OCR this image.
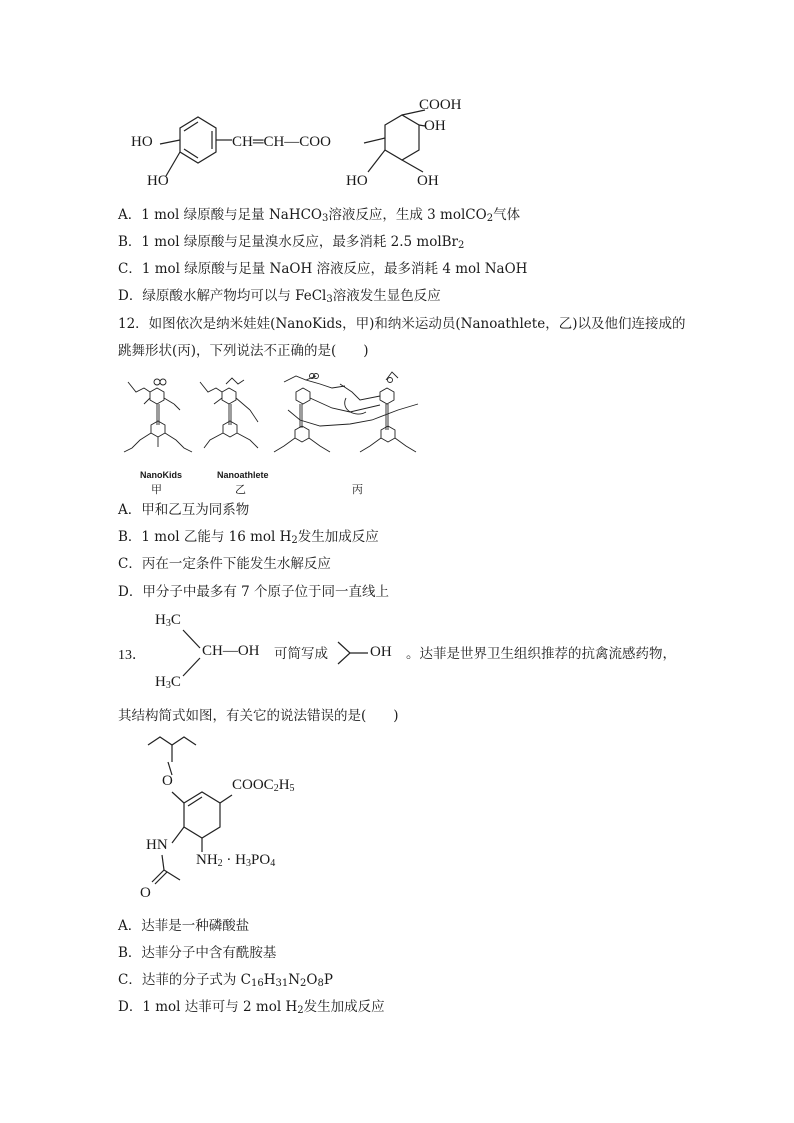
COOH
OH
HO	CH═CH—COO
HO	HO	OH
A．1 mol 绿原酸与足量 NaHCO$_3$溶液反应，生成 3 molCO$_2$气体
B．1 mol 绿原酸与足量溴水反应，最多消耗 2.5 molBr$_2$
C．1 mol 绿原酸与足量 NaOH 溶液反应，最多消耗 4 mol NaOH
D．绿原酸水解产物均可以与 FeCl$_3$溶液发生显色反应
12．如图依次是纳米娃娃(NanoKids，甲)和纳米运动员(Nanoathlete，乙)以及他们连接成的
跳舞形状(丙)，下列说法不正确的是(　　)
NanoKids	Nanoathlete
甲	乙	丙
A．甲和乙互为同系物
B．1 mol 乙能与 16 mol $H_2$发生加成反应
C．丙在一定条件下能发生水解反应
D．甲分子中最多有 7 个原子位于同一直线上
$H_3C$
$H_3C$
13．	CH—OH 可简写成	OH 。达菲是世界卫生组织推荐的抗禽流感药物，
其结构简式如图，有关它的说法错误的是(　　)
O	$COOC_2H_5$
HN
$NH_2 \cdot H_3PO_4$
O
A．达菲是一种磷酸盐
B．达菲分子中含有酰胺基
C．达菲的分子式为 $C_{16}H_{31}N_2O_8P$
D．1 mol 达菲可与 2 mol $H_2$发生加成反应
